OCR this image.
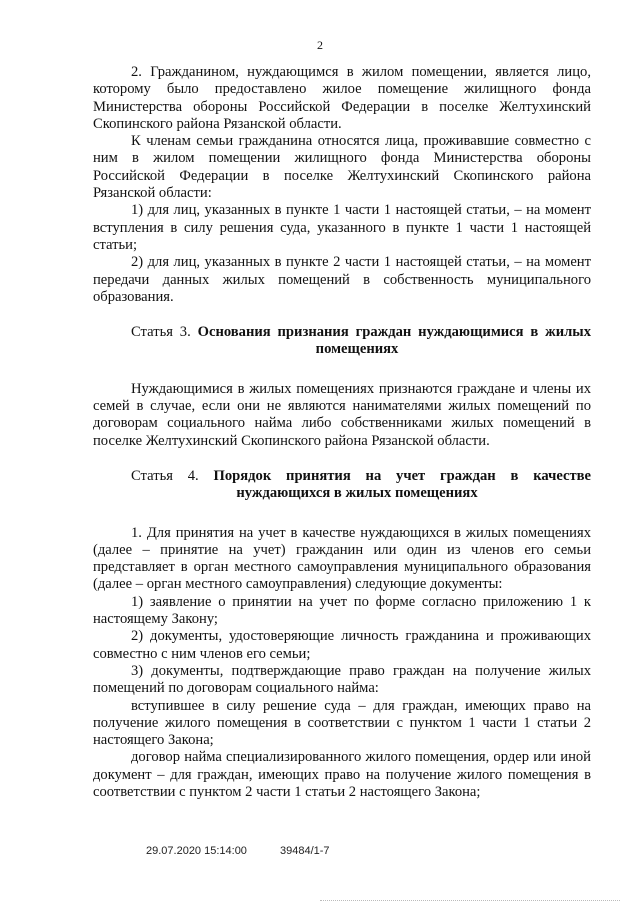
2

2. Гражданином, нуждающимся в жилом помещении, является лицо, которому было предоставлено жилое помещение жилищного фонда Министерства обороны Российской Федерации в поселке Желтухинский Скопинского района Рязанской области.

К членам семьи гражданина относятся лица, проживавшие совместно с ним в жилом помещении жилищного фонда Министерства обороны Российской Федерации в поселке Желтухинский Скопинского района Рязанской области:

1) для лиц, указанных в пункте 1 части 1 настоящей статьи, – на момент вступления в силу решения суда, указанного в пункте 1 части 1 настоящей статьи;

2) для лиц, указанных в пункте 2 части 1 настоящей статьи, – на момент передачи данных жилых помещений в собственность муниципального образования.

Статья 3. Основания признания граждан нуждающимися в жилых
помещениях

Нуждающимися в жилых помещениях признаются граждане и члены их семей в случае, если они не являются нанимателями жилых помещений по договорам социального найма либо собственниками жилых помещений в поселке Желтухинский Скопинского района Рязанской области.

Статья 4. Порядок принятия на учет граждан в качестве
нуждающихся в жилых помещениях

1. Для принятия на учет в качестве нуждающихся в жилых помещениях (далее – принятие на учет) гражданин или один из членов его семьи представляет в орган местного самоуправления муниципального образования (далее – орган местного самоуправления) следующие документы:

1) заявление о принятии на учет по форме согласно приложению 1 к настоящему Закону;

2) документы, удостоверяющие личность гражданина и проживающих совместно с ним членов его семьи;

3) документы, подтверждающие право граждан на получение жилых помещений по договорам социального найма:

вступившее в силу решение суда – для граждан, имеющих право на получение жилого помещения в соответствии с пунктом 1 части 1 статьи 2 настоящего Закона;

договор найма специализированного жилого помещения, ордер или иной документ – для граждан, имеющих право на получение жилого помещения в соответствии с пунктом 2 части 1 статьи 2 настоящего Закона;

29.07.2020 15:14:00	39484/1-7
